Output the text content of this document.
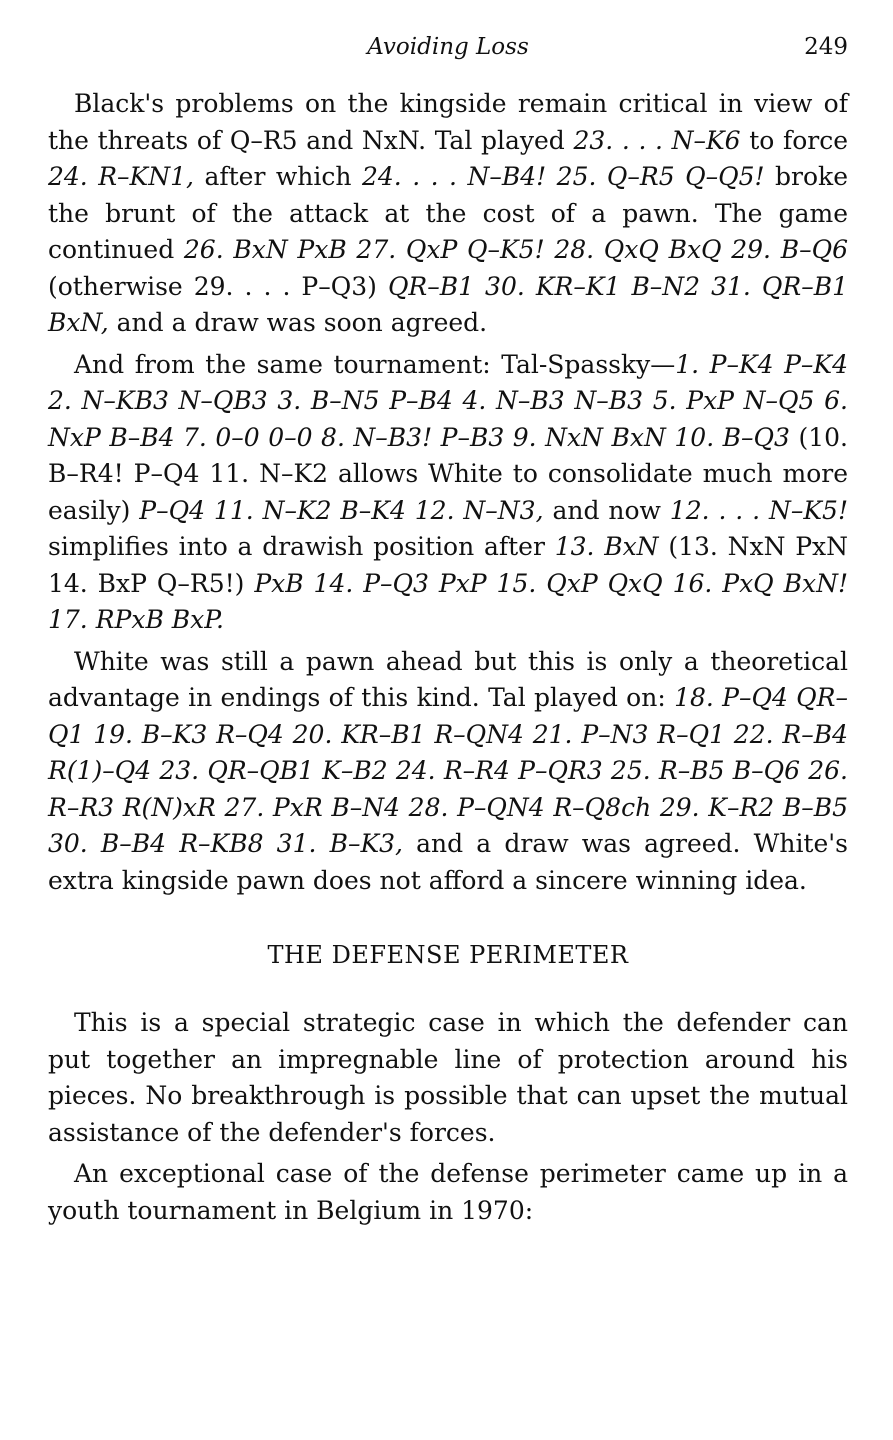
Avoiding Loss	249

Black's problems on the kingside remain critical in view of the threats of Q–R5 and NxN. Tal played 23. . . . N–K6 to force 24. R–KN1, after which 24. . . . N–B4! 25. Q–R5 Q–Q5! broke the brunt of the attack at the cost of a pawn. The game continued 26. BxN PxB 27. QxP Q–K5! 28. QxQ BxQ 29. B–Q6 (otherwise 29. . . . P–Q3) QR–B1 30. KR–K1 B–N2 31. QR–B1 BxN, and a draw was soon agreed.

And from the same tournament: Tal-Spassky—1. P–K4 P–K4 2. N–KB3 N–QB3 3. B–N5 P–B4 4. N–B3 N–B3 5. PxP N–Q5 6. NxP B–B4 7. 0–0 0–0 8. N–B3! P–B3 9. NxN BxN 10. B–Q3 (10. B–R4! P–Q4 11. N–K2 allows White to consolidate much more easily) P–Q4 11. N–K2 B–K4 12. N–N3, and now 12. . . . N–K5! simplifies into a drawish position after 13. BxN (13. NxN PxN 14. BxP Q–R5!) PxB 14. P–Q3 PxP 15. QxP QxQ 16. PxQ BxN! 17. RPxB BxP.

White was still a pawn ahead but this is only a theoretical advantage in endings of this kind. Tal played on: 18. P–Q4 QR–Q1 19. B–K3 R–Q4 20. KR–B1 R–QN4 21. P–N3 R–Q1 22. R–B4 R(1)–Q4 23. QR–QB1 K–B2 24. R–R4 P–QR3 25. R–B5 B–Q6 26. R–R3 R(N)xR 27. PxR B–N4 28. P–QN4 R–Q8ch 29. K–R2 B–B5 30. B–B4 R–KB8 31. B–K3, and a draw was agreed. White's extra kingside pawn does not afford a sincere winning idea.

THE DEFENSE PERIMETER

This is a special strategic case in which the defender can put together an impregnable line of protection around his pieces. No breakthrough is possible that can upset the mutual assistance of the defender's forces.

An exceptional case of the defense perimeter came up in a youth tournament in Belgium in 1970:
